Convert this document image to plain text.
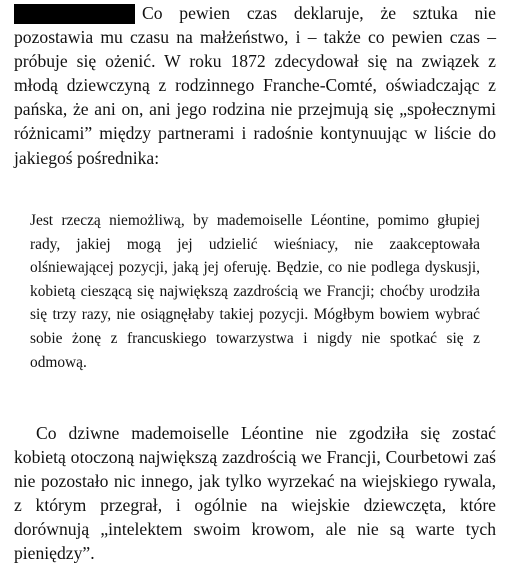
Co pewien czas deklaruje, że sztuka nie pozostawia mu czasu na małżeństwo, i – także co pewien czas – próbuje się ożenić. W roku 1872 zdecydował się na związek z młodą dziewczyną z rodzinnego Franche-Comté, oświadczając z pańska, że ani on, ani jego rodzina nie przejmują się „społecznymi różnicami” między partnerami i radośnie kontynuując w liście do jakiegoś pośrednika:

Jest rzeczą niemożliwą, by mademoiselle Léontine, pomimo głupiej rady, jakiej mogą jej udzielić wieśniacy, nie zaakceptowała olśniewającej pozycji, jaką jej oferuję. Będzie, co nie podlega dyskusji, kobietą cieszącą się największą zazdrością we Francji; choćby urodziła się trzy razy, nie osiągnęłaby takiej pozycji. Mógłbym bowiem wybrać sobie żonę z francuskiego towarzystwa i nigdy nie spotkać się z odmową.

Co dziwne mademoiselle Léontine nie zgodziła się zostać kobietą otoczoną największą zazdrością we Francji, Courbetowi zaś nie pozostało nic innego, jak tylko wyrzekać na wiejskiego rywala, z którym przegrał, i ogólnie na wiejskie dziewczęta, które dorównują „intelektem swoim krowom, ale nie są warte tych pieniędzy”.
